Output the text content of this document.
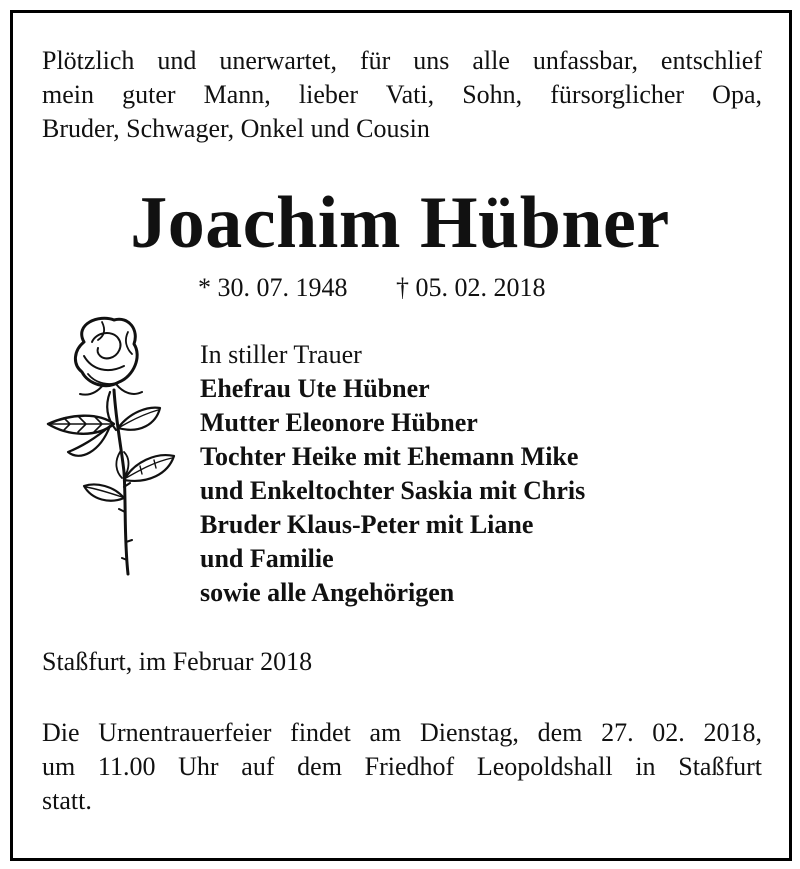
Plötzlich und unerwartet, für uns alle unfassbar, entschlief
mein guter Mann, lieber Vati, Sohn, fürsorglicher Opa,
Bruder, Schwager, Onkel und Cousin
Joachim Hübner
* 30. 07. 1948 † 05. 02. 2018
In stiller Trauer
Ehefrau Ute Hübner
Mutter Eleonore Hübner
Tochter Heike mit Ehemann Mike
und Enkeltochter Saskia mit Chris
Bruder Klaus-Peter mit Liane
und Familie
sowie alle Angehörigen
Staßfurt, im Februar 2018
Die Urnentrauerfeier findet am Dienstag, dem 27. 02. 2018,
um 11.00 Uhr auf dem Friedhof Leopoldshall in Staßfurt
statt.
